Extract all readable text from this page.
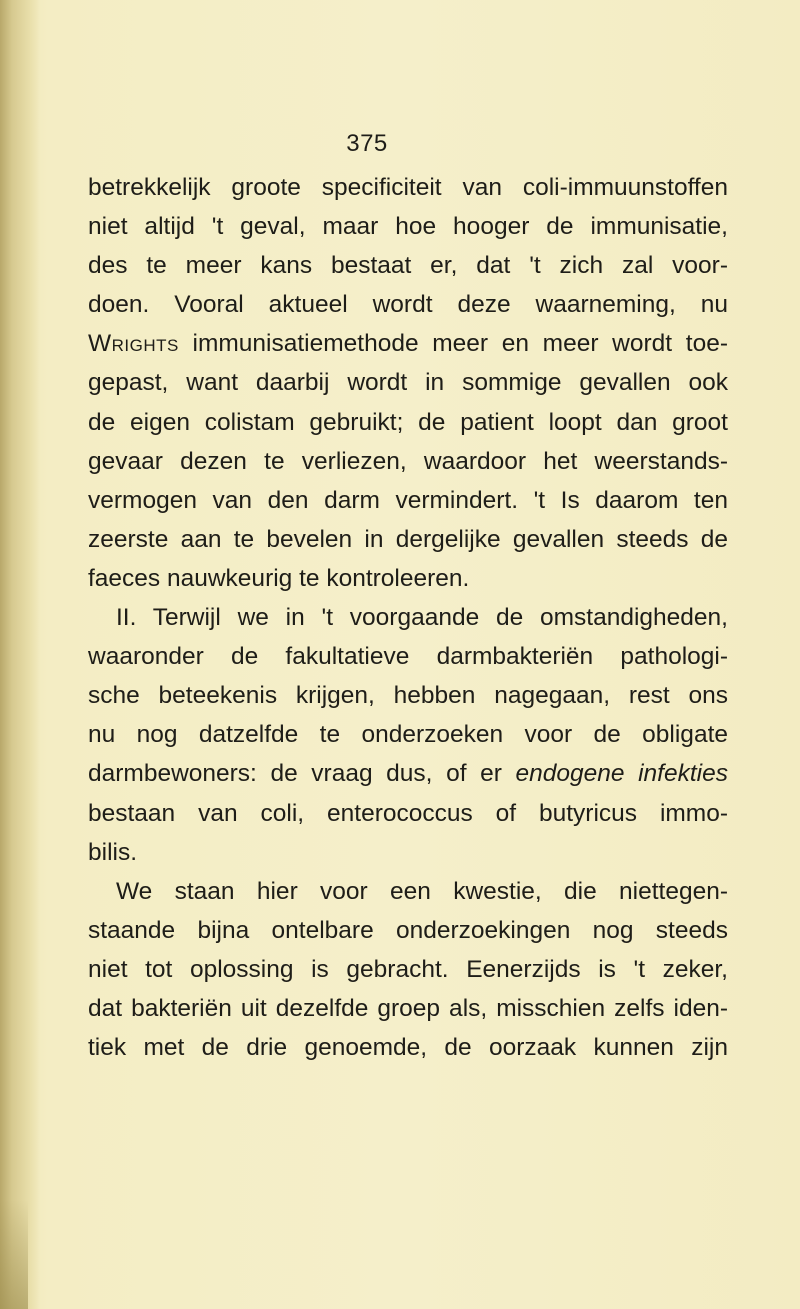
375
betrekkelijk groote specificiteit van coli-immuunstoffen
niet altijd 't geval, maar hoe hooger de immunisatie,
des te meer kans bestaat er, dat 't zich zal voor-
doen. Vooral aktueel wordt deze waarneming, nu
Wrights immunisatiemethode meer en meer wordt toe-
gepast, want daarbij wordt in sommige gevallen ook
de eigen colistam gebruikt; de patient loopt dan groot
gevaar dezen te verliezen, waardoor het weerstands-
vermogen van den darm vermindert. 't Is daarom ten
zeerste aan te bevelen in dergelijke gevallen steeds de
faeces nauwkeurig te kontroleeren.
II. Terwijl we in 't voorgaande de omstandigheden,
waaronder de fakultatieve darmbakteriën pathologi-
sche beteekenis krijgen, hebben nagegaan, rest ons
nu nog datzelfde te onderzoeken voor de obligate
darmbewoners: de vraag dus, of er endogene infekties
bestaan van coli, enterococcus of butyricus immo-
bilis.
We staan hier voor een kwestie, die niettegen-
staande bijna ontelbare onderzoekingen nog steeds
niet tot oplossing is gebracht. Eenerzijds is 't zeker,
dat bakteriën uit dezelfde groep als, misschien zelfs iden-
tiek met de drie genoemde, de oorzaak kunnen zijn
